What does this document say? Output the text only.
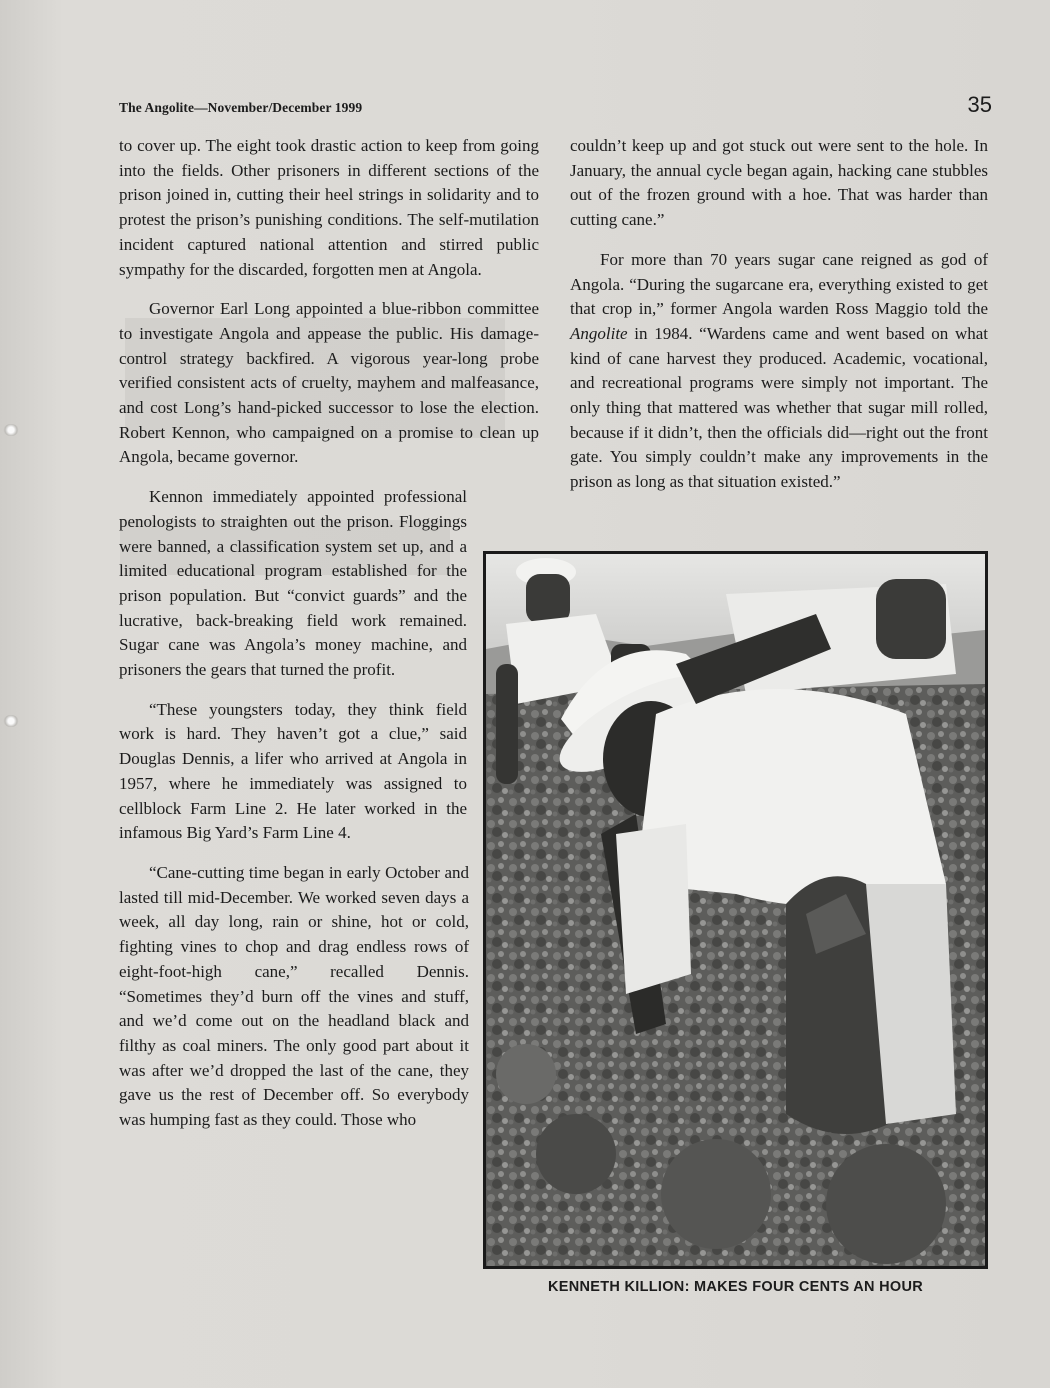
The Angolite—November/December 1999	35

to cover up. The eight took drastic action to keep from going into the fields. Other prisoners in different sections of the prison joined in, cutting their heel strings in solidarity and to protest the prison’s punishing conditions. The self-mutilation incident captured national attention and stirred public sympathy for the discarded, forgotten men at Angola.

Governor Earl Long appointed a blue-ribbon committee to investigate Angola and appease the public. His damage-control strategy backfired. A vigorous year-long probe verified consistent acts of cruelty, mayhem and malfeasance, and cost Long’s hand-picked successor to lose the election. Robert Kennon, who campaigned on a promise to clean up Angola, became governor.

Kennon immediately appointed professional penologists to straighten out the prison. Floggings were banned, a classification system set up, and a limited educational program established for the prison population. But “convict guards” and the lucrative, back-breaking field work remained. Sugar cane was Angola’s money machine, and prisoners the gears that turned the profit.

“These youngsters today, they think field work is hard. They haven’t got a clue,” said Douglas Dennis, a lifer who arrived at Angola in 1957, where he immediately was assigned to cellblock Farm Line 2. He later worked in the infamous Big Yard’s Farm Line 4.

“Cane-cutting time began in early October and lasted till mid-December. We worked seven days a week, all day long, rain or shine, hot or cold, fighting vines to chop and drag endless rows of eight-foot-high cane,” recalled Dennis. “Sometimes they’d burn off the vines and stuff, and we’d come out on the headland black and filthy as coal miners. The only good part about it was after we’d dropped the last of the cane, they gave us the rest of December off. So everybody was humping fast as they could. Those who

couldn’t keep up and got stuck out were sent to the hole. In January, the annual cycle began again, hacking cane stubbles out of the frozen ground with a hoe. That was harder than cutting cane.”

For more than 70 years sugar cane reigned as god of Angola. “During the sugarcane era, everything existed to get that crop in,” former Angola warden Ross Maggio told the Angolite in 1984. “Wardens came and went based on what kind of cane harvest they produced. Academic, vocational, and recreational programs were simply not important. The only thing that mattered was whether that sugar mill rolled, because if it didn’t, then the officials did—right out the front gate. You simply couldn’t make any improvements in the prison as long as that situation existed.”

KENNETH KILLION: MAKES FOUR CENTS AN HOUR
